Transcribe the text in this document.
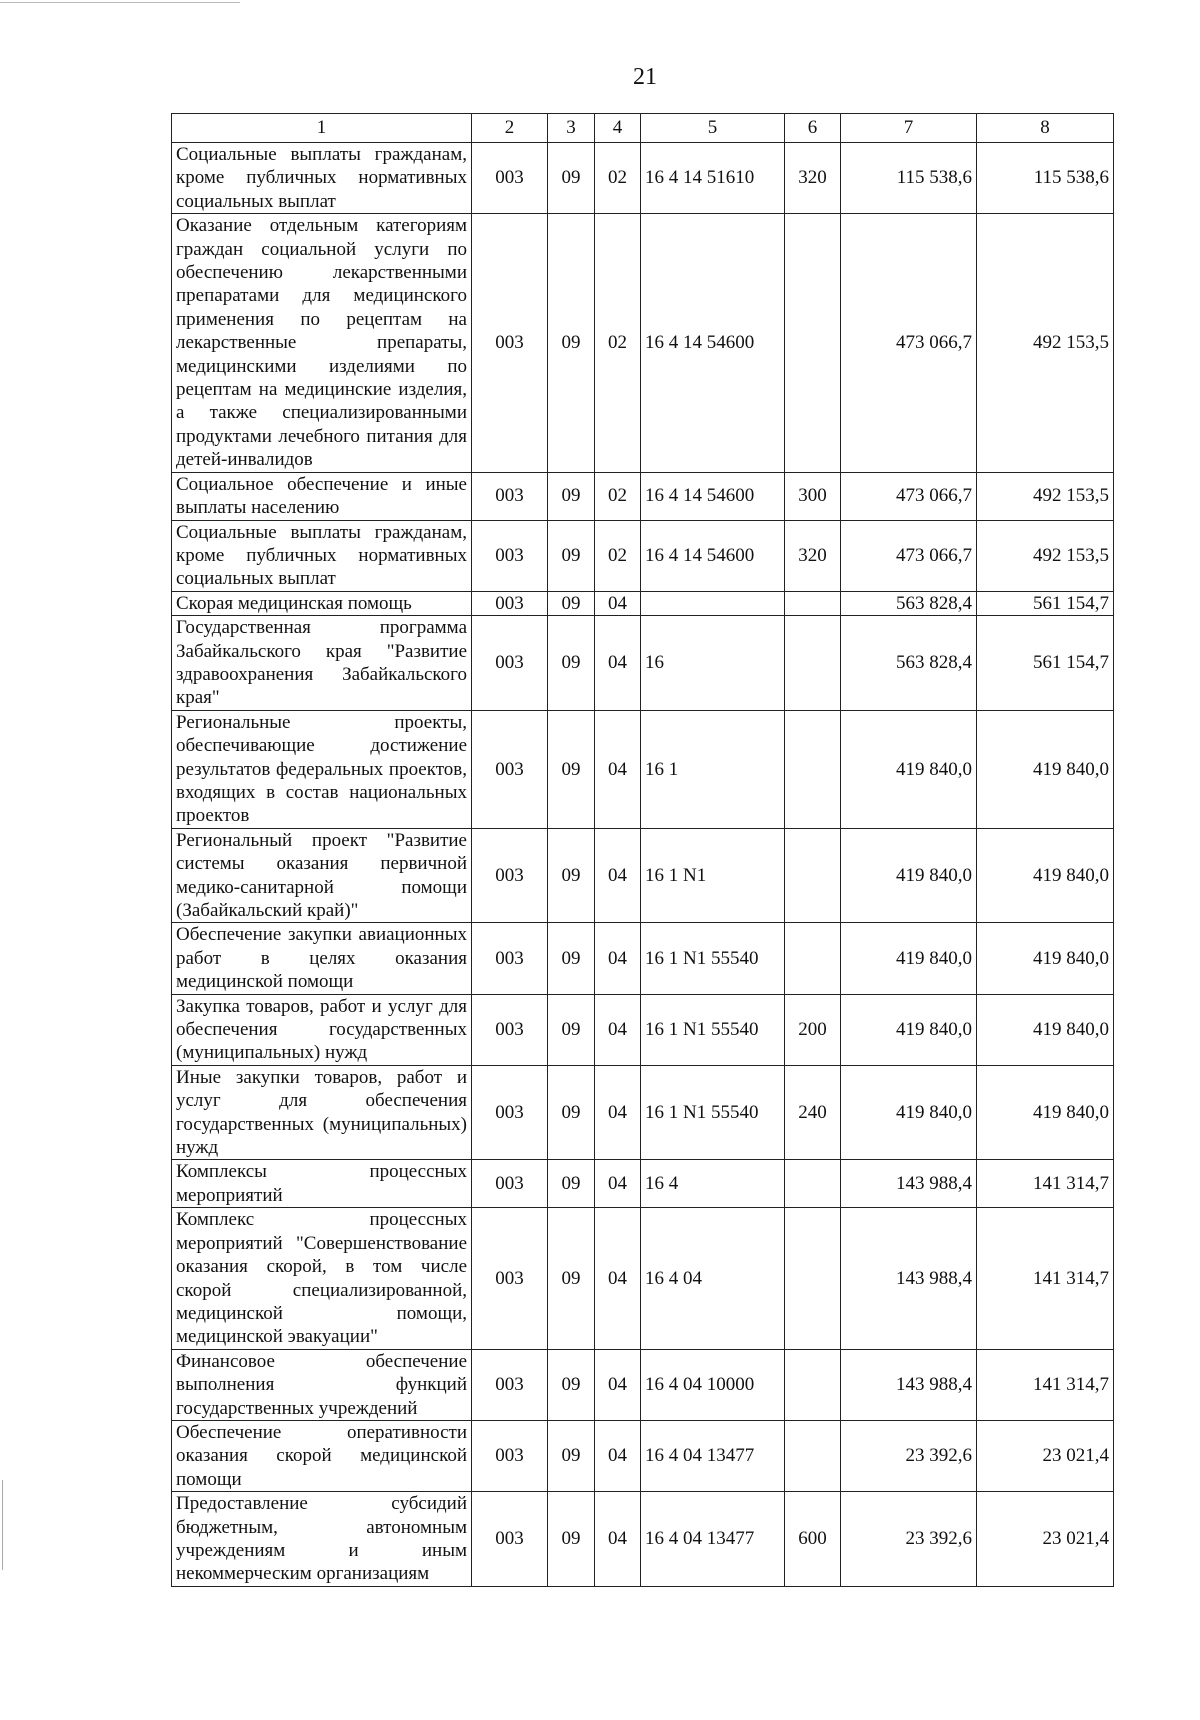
21
1	2	3	4	5	6	7	8
Социальные выплаты гражданам, кроме публичных нормативных социальных выплат	003	09	02	16 4 14 51610	320	115 538,6	115 538,6
Оказание отдельным категориям граждан социальной услуги по обеспечению лекарственными препаратами для медицинского применения по рецептам на лекарственные препараты, медицинскими изделиями по рецептам на медицинские изделия, а также специализированными продуктами лечебного питания для детей-инвалидов	003	09	02	16 4 14 54600		473 066,7	492 153,5
Социальное обеспечение и иные выплаты населению	003	09	02	16 4 14 54600	300	473 066,7	492 153,5
Социальные выплаты гражданам, кроме публичных нормативных социальных выплат	003	09	02	16 4 14 54600	320	473 066,7	492 153,5
Скорая медицинская помощь	003	09	04			563 828,4	561 154,7
Государственная программа Забайкальского края "Развитие здравоохранения Забайкальского края"	003	09	04	16		563 828,4	561 154,7
Региональные проекты, обеспечивающие достижение результатов федеральных проектов, входящих в состав национальных проектов	003	09	04	16 1		419 840,0	419 840,0
Региональный проект "Развитие системы оказания первичной медико-санитарной помощи (Забайкальский край)"	003	09	04	16 1 N1		419 840,0	419 840,0
Обеспечение закупки авиационных работ в целях оказания медицинской помощи	003	09	04	16 1 N1 55540		419 840,0	419 840,0
Закупка товаров, работ и услуг для обеспечения государственных (муниципальных) нужд	003	09	04	16 1 N1 55540	200	419 840,0	419 840,0
Иные закупки товаров, работ и услуг для обеспечения государственных (муниципальных) нужд	003	09	04	16 1 N1 55540	240	419 840,0	419 840,0
Комплексы процессных мероприятий	003	09	04	16 4		143 988,4	141 314,7
Комплекс процессных мероприятий "Совершенствование оказания скорой, в том числе скорой специализированной, медицинской помощи, медицинской эвакуации"	003	09	04	16 4 04		143 988,4	141 314,7
Финансовое обеспечение выполнения функций государственных учреждений	003	09	04	16 4 04 10000		143 988,4	141 314,7
Обеспечение оперативности оказания скорой медицинской помощи	003	09	04	16 4 04 13477		23 392,6	23 021,4
Предоставление субсидий бюджетным, автономным учреждениям и иным некоммерческим организациям	003	09	04	16 4 04 13477	600	23 392,6	23 021,4
